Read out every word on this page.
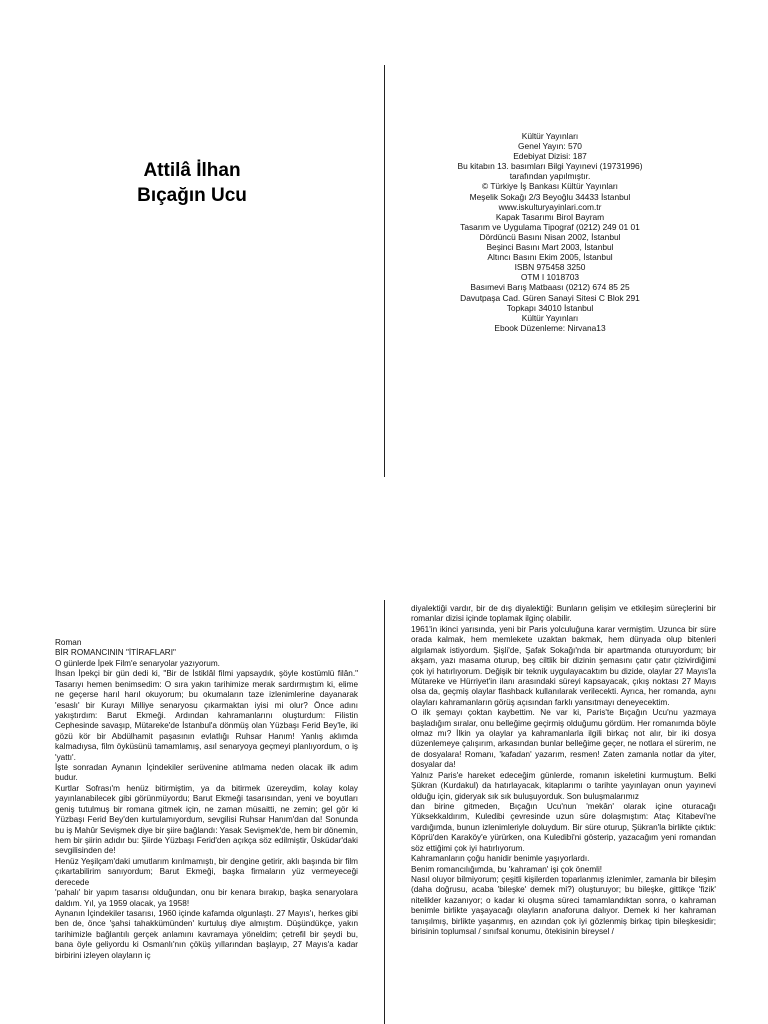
Attilâ İlhan
Bıçağın Ucu
Kültür Yayınları
Genel Yayın: 570
Edebiyat Dizisi: 187
Bu kitabın 13. basımları Bilgi Yayınevi (19731996)
tarafından yapılmıştır.
© Türkiye İş Bankası Kültür Yayınları
Meşelik Sokağı 2/3 Beyoğlu 34433 İstanbul
www.iskulturyayinlari.com.tr
Kapak Tasarımı Birol Bayram
Tasarım ve Uygulama Tipograf (0212) 249 01 01
Dördüncü Basını Nisan 2002, İstanbul
Beşinci Basını Mart 2003, İstanbul
Altıncı Basını Ekim 2005, İstanbul
ISBN 975458 3250
OTM I 1018703
Basımevi Barış Matbaası (0212) 674 85 25
Davutpaşa Cad. Güren Sanayi Sitesi C Blok 291
Topkapı 34010 İstanbul
Kültür Yayınları
Ebook Düzenleme: Nirvana13

Roman

BİR ROMANCININ "İTİRAFLARI"

O günlerde İpek Film'e senaryolar yazıyorum.

İhsan İpekçi bir gün dedi ki, "Bir de İstiklâl filmi yapsaydık, şöyle kostümlü filân." Tasarıyı hemen benimsedim: O sıra yakın tarihimize merak sardırmıştım ki, elime ne geçerse harıl harıl okuyorum; bu okumaların taze izlenimlerine dayanarak 'esaslı' bir Kurayı Milliye senaryosu çıkarmaktan iyisi mi olur? Önce adını yakıştırdım: Barut Ekmeği. Ardından kahramanlarını oluşturdum: Filistin Cephesinde savaşıp, Mütareke'de İstanbul'a dönmüş olan Yüzbaşı Ferid Bey'le, iki gözü kör bir Abdülhamit paşasının evlatlığı Ruhsar Hanım! Yanlış aklımda kalmadıysa, film öyküsünü tamamlamış, asıl senaryoya geçmeyi planlıyordum, o iş 'yattı'.

İşte sonradan Aynanın İçindekiler serüvenine atılmama neden olacak ilk adım budur.

Kurtlar Sofrası'm henüz bitirmiştim, ya da bitirmek üzereydim, kolay kolay yayınlanabilecek gibi görünmüyordu; Barut Ekmeği tasarısından, yeni ve boyutları geniş tutulmuş bir romana gitmek için, ne zaman müsaitti, ne zemin; gel gör ki Yüzbaşı Ferid Bey'den kurtulamıyordum, sevgilisi Ruhsar Hanım'dan da! Sonunda bu iş Mahûr Sevişmek diye bir şiire bağlandı: Yasak Sevişmek'de, hem bir dönemin, hem bir şiirin adıdır bu: Şiirde Yüzbaşı Ferid'den açıkça söz edilmiştir, Üsküdar'daki sevgilisinden de!

Henüz Yeşilçam'daki umutlarım kırılmamıştı, bir dengine getirir, aklı başında bir film çıkartabilirim sanıyordum; Barut Ekmeği, başka firmaların yüz vermeyeceği derecede

'pahalı' bir yapım tasarısı olduğundan, onu bir kenara bırakıp, başka senaryolara daldım. Yıl, ya 1959 olacak, ya 1958!

Aynanın İçindekiler tasarısı, 1960 içinde kafamda olgunlaştı. 27 Mayıs'ı, herkes gibi ben de, önce 'şahsi tahakkümünden' kurtuluş diye almıştım. Düşündükçe, yakın tarihimizle bağlantılı gerçek anlamını kavramaya yöneldim; çetrefil bir şeydi bu, bana öyle geliyordu ki Osmanlı'nın çöküş yıllarından başlayıp, 27 Mayıs'a kadar birbirini izleyen olayların iç

diyalektiği vardır, bir de dış diyalektiği: Bunların gelişim ve etkileşim süreçlerini bir romanlar dizisi içinde toplamak ilginç olabilir.

1961'in ikinci yarısında, yeni bir Paris yolculuğuna karar vermiştim. Uzunca bir süre orada kalmak, hem memlekete uzaktan bakmak, hem dünyada olup bitenleri algılamak istiyordum. Şişli'de, Şafak Sokağı'nda bir apartmanda oturuyordum; bir akşam, yazı masama oturup, beş ciltlik bir dizinin şemasını çatır çatır çizivirdiğimi çok iyi hatırlıyorum. Değişik bir teknik uygulayacaktım bu dizide, olaylar 27 Mayıs'la Mütareke ve Hürriyet'in ilanı arasındaki süreyi kapsayacak, çıkış noktası 27 Mayıs olsa da, geçmiş olaylar flashback kullanılarak verilecekti. Ayrıca, her romanda, aynı olayları kahramanların görüş açısından farklı yansıtmayı deneyecektim.

O ilk şemayı çoktan kaybettim. Ne var ki, Paris'te Bıçağın Ucu'nu yazmaya başladığım sıralar, onu belleğime geçirmiş olduğumu gördüm. Her romanımda böyle olmaz mı? İlkin ya olaylar ya kahramanlarla ilgili birkaç not alır, bir iki dosya düzenlemeye çalışırım, arkasından bunlar belleğime geçer, ne notlara el sürerim, ne de dosyalara! Romanı, 'kafadan' yazarım, resmen! Zaten zamanla notlar da yiter, dosyalar da!

Yalnız Paris'e hareket edeceğim günlerde, romanın iskeletini kurmuştum. Belki Şükran (Kurdakul) da hatırlayacak, kitaplarımı o tarihte yayınlayan onun yayınevi olduğu için, gideryak sık sık buluşuyorduk. Son buluşmalarımız

dan birine gitmeden, Bıçağın Ucu'nun 'mekân' olarak içine oturacağı Yüksekkaldırım, Kuledibi çevresinde uzun süre dolaşmıştım: Ataç Kitabevi'ne vardığımda, bunun izlenimleriyle doluydum. Bir süre oturup, Şükran'la birlikte çıktık: Köprü'den Karaköy'e yürürken, ona Kuledibi'ni gösterip, yazacağım yeni romandan söz ettiğimi çok iyi hatırlıyorum.

Kahramanların çoğu hanidir benimle yaşıyorlardı.

Benim romancılığımda, bu 'kahraman' işi çok önemli!

Nasıl oluyor bilmiyorum; çeşitli kişilerden toparlanmış izlenimler, zamanla bir bileşim (daha doğrusu, acaba 'bileşke' demek mi?) oluşturuyor; bu bileşke, gittikçe 'fizik' nitelikler kazanıyor; o kadar ki oluşma süreci tamamlandıktan sonra, o kahraman benimle birlikte yaşayacağı olayların anaforuna dalıyor. Demek ki her kahraman tanışılmış, birlikte yaşanmış, en azından çok iyi gözlenmiş birkaç tipin bileşkesidir; birisinin toplumsal / sınıfsal konumu, ötekisinin bireysel /
